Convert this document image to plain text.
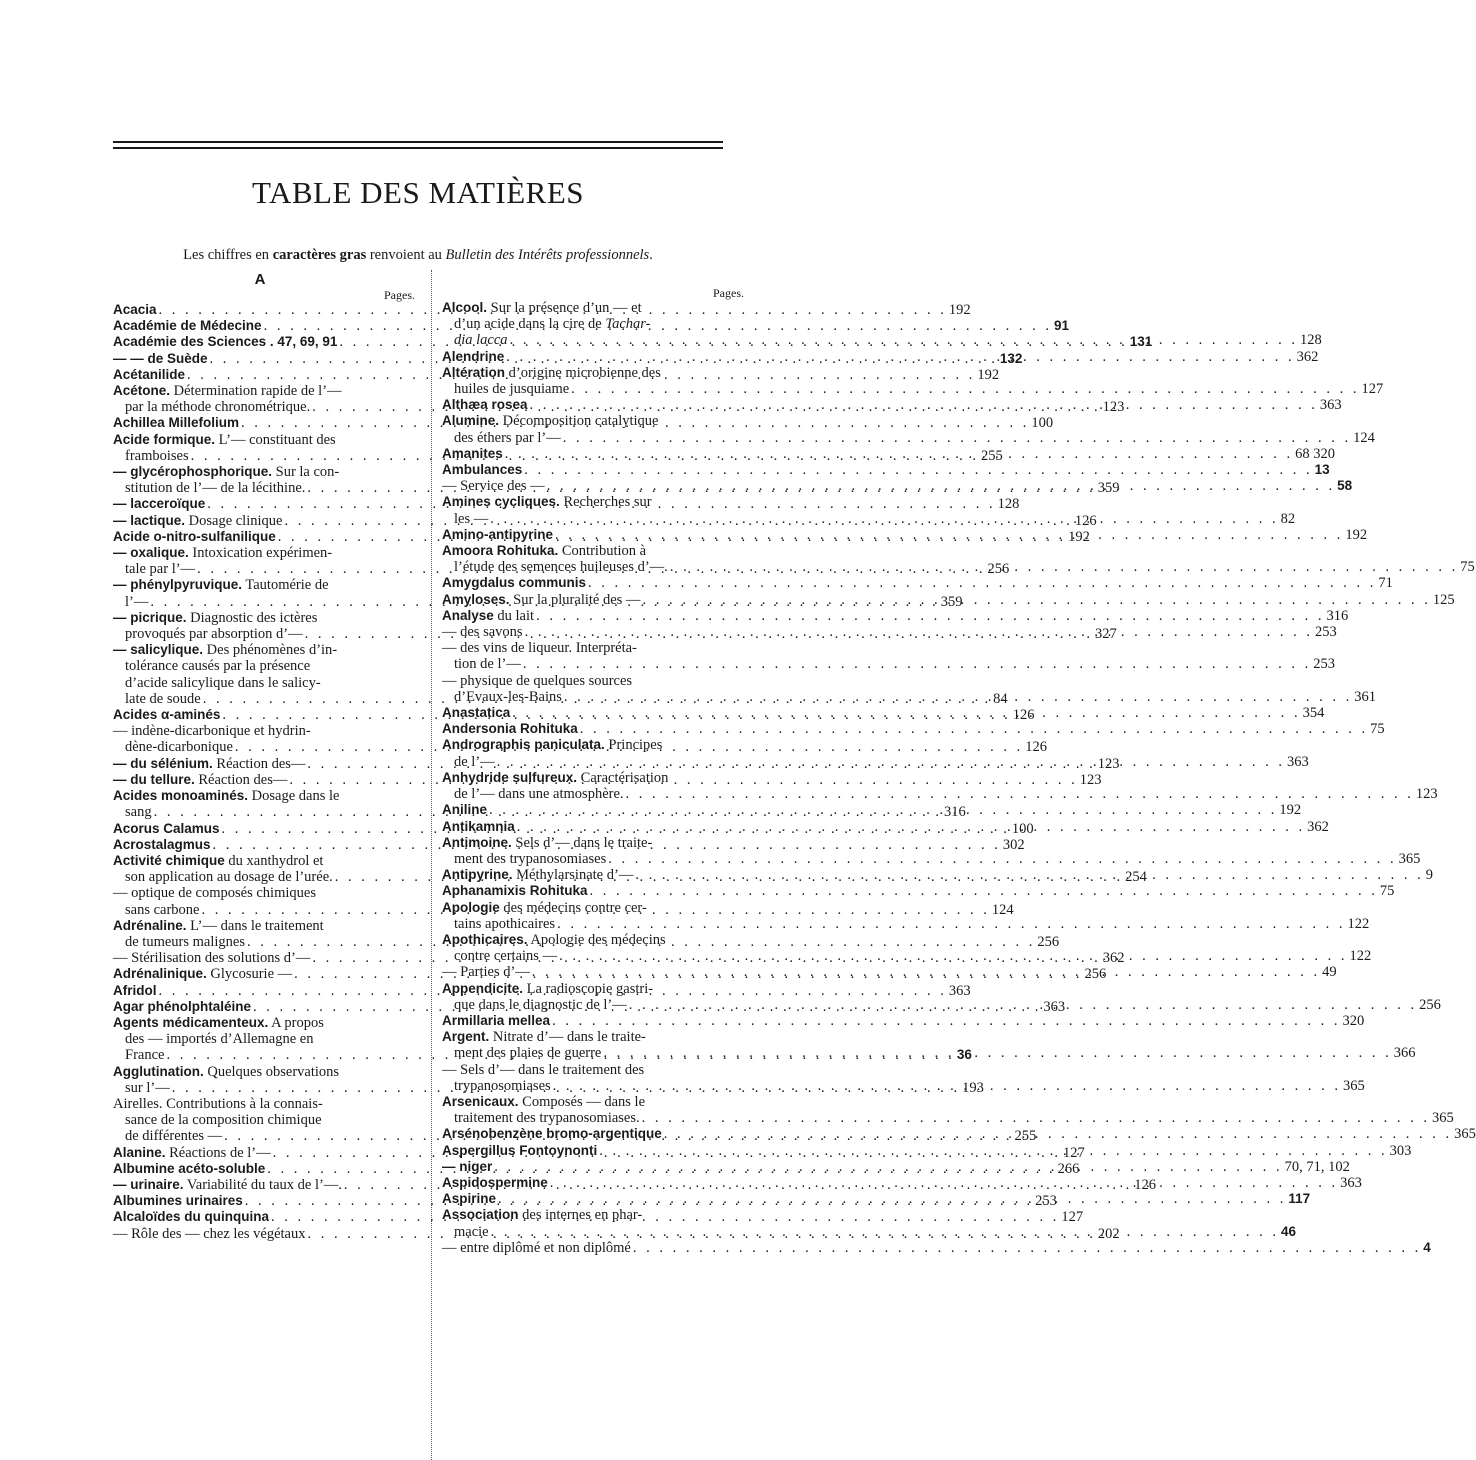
TABLE DES MATIÈRES

Les chiffres en caractères gras renvoient au Bulletin des Intérêts professionnels.

A

Pages.

Acacia . . .	192
Académie de Médecine . . .	91
Académie des Sciences . 47, 69, 91 . . .	131
— — de Suède . . .	132
Acétanilide . . .	192
Acétone. Détermination rapide de l’—
par la méthode chronométrique. . . .	123
Achillea Millefolium . . .	100
Acide formique. L’— constituant des
framboises . . .	255
— glycérophosphorique. Sur la con-
stitution de l’— de la lécithine. . . .	359
— lacceroïque . . .	128
— lactique. Dosage clinique . . .	126
Acide o-nitro-sulfanilique . . .	192
— oxalique. Intoxication expérimen-
tale par l’— . . .	256
— phénylpyruvique. Tautomérie de
l’— . . .	359
— picrique. Diagnostic des ictères
provoqués par absorption d’— . . .	327
— salicylique. Des phénomènes d’in-
tolérance causés par la présence
d’acide salicylique dans le salicy-
late de soude . . .	84
Acides α-aminés . . .	126
— indène-dicarbonique et hydrin-
dène-dicarbonique . . .	126
— du sélénium. Réaction des— . . .	123
— du tellure. Réaction des— . . .	123
Acides monoaminés. Dosage dans le
sang . . .	316
Acorus Calamus . . .	100
Acrostalagmus . . .	302
Activité chimique du xanthydrol et
son application au dosage de l’urée. . . .	254
— optique de composés chimiques
sans carbone . . .	124
Adrénaline. L’— dans le traitement
de tumeurs malignes . . .	256
— Stérilisation des solutions d’— . . .	362
Adrénalinique. Glycosurie — . . .	256
Afridol . . .	363
Agar phénolphtaléine . . .	363
Agents médicamenteux. A propos
des — importés d’Allemagne en
France . . .	36
Agglutination. Quelques observations
sur l’— . . .	193
Airelles. Contributions à la connais-
sance de la composition chimique
de différentes — . . .	255
Alanine. Réactions de l’— . . .	127
Albumine acéto-soluble . . .	266
— urinaire. Variabilité du taux de l’—. . . .	126
Albumines urinaires . . .	253
Alcaloïdes du quinquina . . .	127
— Rôle des — chez les végétaux . . .	202

Pages.

Alcool. Sur la présence d’un — et
d’un acide dans la cire de Tachar-
dia lacca . . .	128
Alendrine . . .	362
Altération d’origine microbienne des
huiles de jusquiame . . .	127
Althæa rosea . . .	363
Alumine. Décomposition catalytique
des éthers par l’— . . .	124
Amanites . . .	68 320
Ambulances . . .	13
— Service des — . . .	58
Amines cycliques. Recherches sur
les — . . .	82
Amino-antipyrine . . .	192
Amoora Rohituka. Contribution à
l’étude des semences huileuses d’—. . . .	75
Amygdalus communis . . .	71
Amyloses. Sur la pluralité des — . . .	125
Analyse du lait . . .	316
— des savons . . .	253
— des vins de liqueur. Interpréta-
tion de l’— . . .	253
— physique de quelques sources
d’Evaux-les-Bains . . .	361
Anastatica . . .	354
Andersonia Rohituka . . .	75
Andrographis paniculata. Principes
de l’— . . .	363
Anhydride sulfureux. Caractérisation
de l’— dans une atmosphère. . . .	123
Aniline . . .	192
Antikamnia . . .	362
Antimoine. Sels d’— dans le traite-
ment des trypanosomiases . . .	365
Antipyrine. Méthylarsinate d’— . . .	9
Aphanamixis Rohituka . . .	75
Apologie des médecins contre cer-
tains apothicaires . . .	122
Apothicaires. Apologie des médecins
contre certains — . . .	122
— Parties d’— . . .	49
Appendicite. La radioscopie gastri-
que dans le diagnostic de l’— . . .	256
Armillaria mellea . . .	320
Argent. Nitrate d’— dans le traite-
ment des plaies de guerre . . .	366
— Sels d’— dans le traitement des
trypanosomiases . . .	365
Arsenicaux. Composés — dans le
traitement des trypanosomiases. . . .	365
Arsénobenzène bromo-argentique . . .	365
Aspergillus Fontoynonti . . .	303
— niger . . .	70, 71, 102
Aspidospermine . . .	363
Aspirine . . .	117
Association des internes en phar-
macie . . .	46
— entre diplômé et non diplômé . . .	4
